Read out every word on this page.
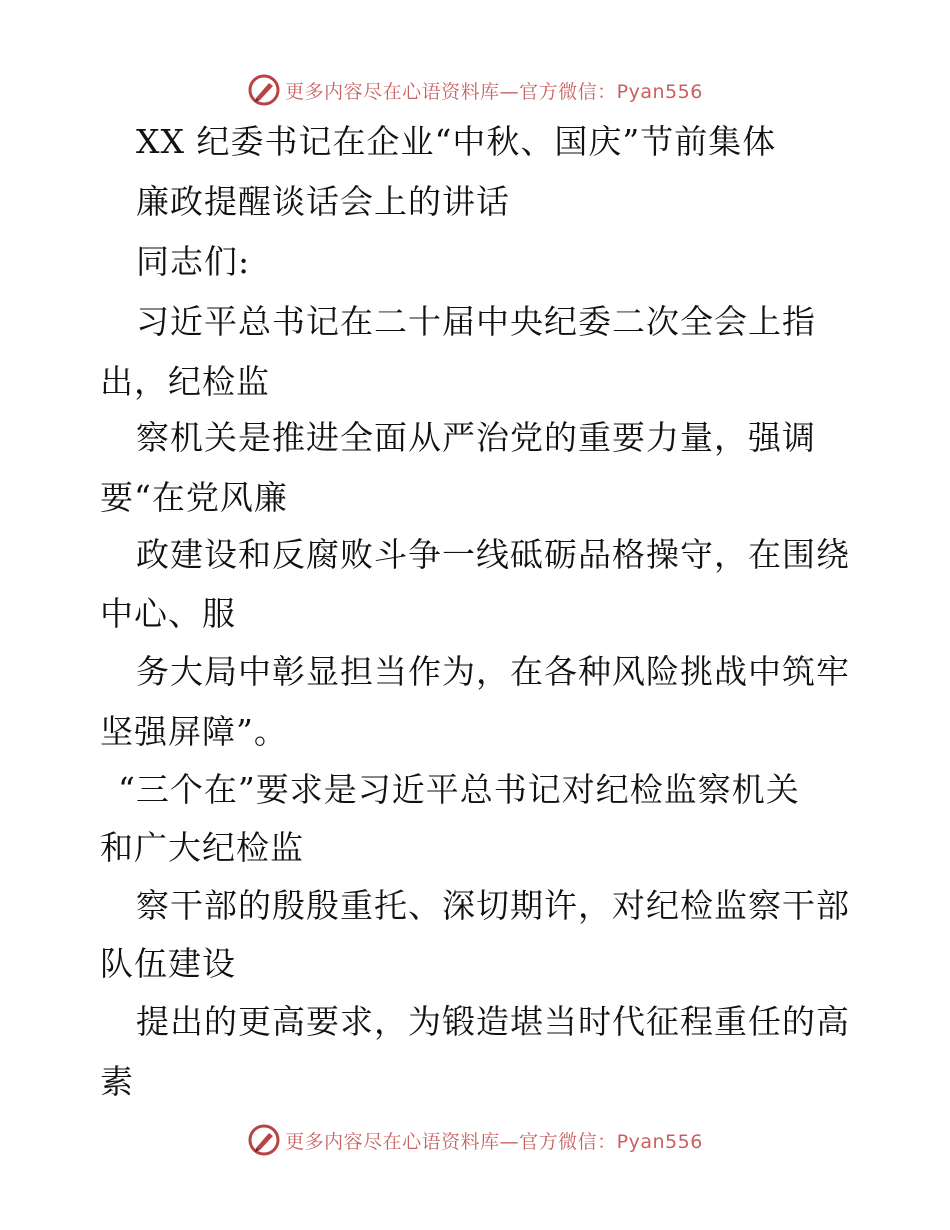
更多内容尽在心语资料库—官方微信：Pyan556
XX 纪委书记在企业“中秋、国庆”节前集体
廉政提醒谈话会上的讲话
同志们:
习近平总书记在二十届中央纪委二次全会上指
出，纪检监
察机关是推进全面从严治党的重要力量，强调
要“在党风廉
政建设和反腐败斗争一线砥砺品格操守，在围绕
中心、服
务大局中彰显担当作为，在各种风险挑战中筑牢
坚强屏障”。
“三个在”要求是习近平总书记对纪检监察机关
和广大纪检监
察干部的殷殷重托、深切期许，对纪检监察干部
队伍建设
提出的更高要求，为锻造堪当时代征程重任的高
素
更多内容尽在心语资料库—官方微信：Pyan556
